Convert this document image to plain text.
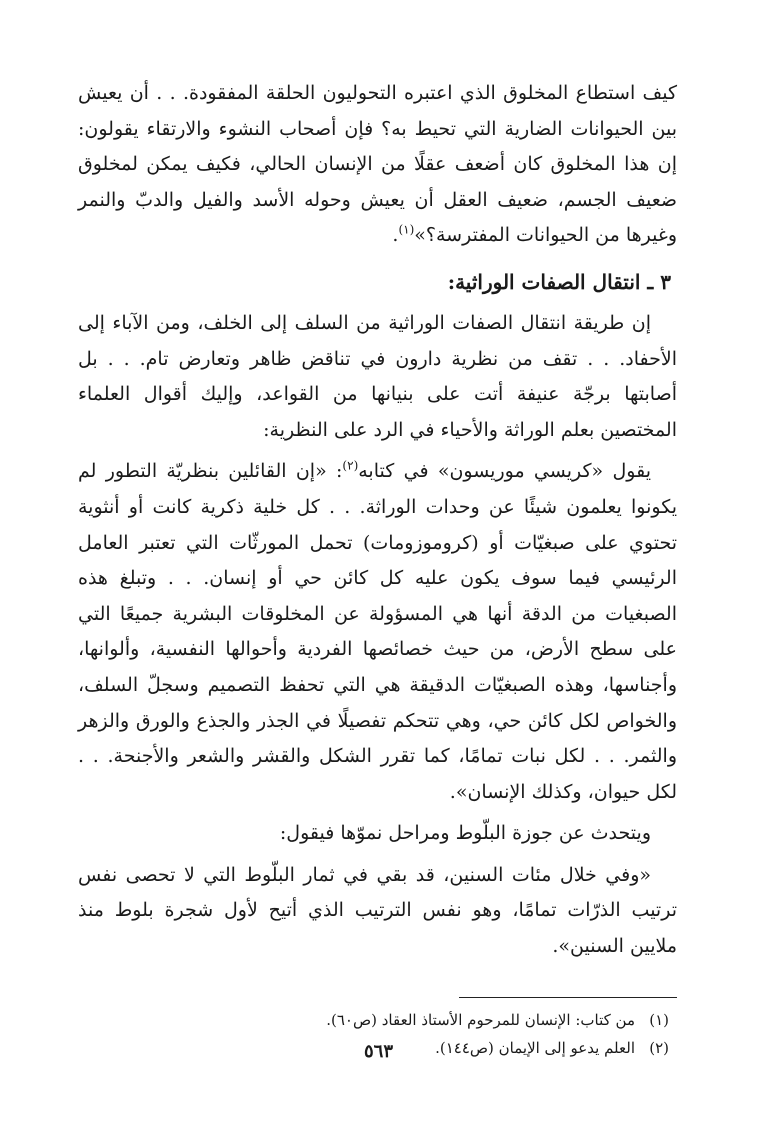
كيف استطاع المخلوق الذي اعتبره التحوليون الحلقة المفقودة. . . أن يعيش بين الحيوانات الضارية التي تحيط به؟ فإن أصحاب النشوء والارتقاء يقولون: إن هذا المخلوق كان أضعف عقلًا من الإنسان الحالي، فكيف يمكن لمخلوق ضعيف الجسم، ضعيف العقل أن يعيش وحوله الأسد والفيل والدبّ والنمر وغيرها من الحيوانات المفترسة؟»$^{(١)}$.

٣ ـ انتقال الصفات الوراثية:

إن طريقة انتقال الصفات الوراثية من السلف إلى الخلف، ومن الآباء إلى الأحفاد. . . تقف من نظرية دارون في تناقض ظاهر وتعارض تام. . . بل أصابتها برجّة عنيفة أتت على بنيانها من القواعد، وإليك أقوال العلماء المختصين بعلم الوراثة والأحياء في الرد على النظرية:

يقول «كريسي موريسون» في كتابه$^{(٢)}$: «إن القائلين بنظريّة التطور لم يكونوا يعلمون شيئًا عن وحدات الوراثة. . . كل خلية ذكرية كانت أو أنثوية تحتوي على صبغيّات أو (كروموزومات) تحمل المورثّات التي تعتبر العامل الرئيسي فيما سوف يكون عليه كل كائن حي أو إنسان. . . وتبلغ هذه الصبغيات من الدقة أنها هي المسؤولة عن المخلوقات البشرية جميعًا التي على سطح الأرض، من حيث خصائصها الفردية وأحوالها النفسية، وألوانها، وأجناسها، وهذه الصبغيّات الدقيقة هي التي تحفظ التصميم وسجلّ السلف، والخواص لكل كائن حي، وهي تتحكم تفصيلًا في الجذر والجذع والورق والزهر والثمر. . . لكل نبات تمامًا، كما تقرر الشكل والقشر والشعر والأجنحة. . . لكل حيوان، وكذلك الإنسان».

ويتحدث عن جوزة البلّوط ومراحل نموّها فيقول:

«وفي خلال مئات السنين، قد بقي في ثمار البلّوط التي لا تحصى نفس ترتيب الذرّات تمامًا، وهو نفس الترتيب الذي أتيح لأول شجرة بلوط منذ ملايين السنين».

(١)من كتاب: الإنسان للمرحوم الأستاذ العقاد (ص٦٠).

(٢)العلم يدعو إلى الإيمان (ص١٤٤).

٥٦٣
